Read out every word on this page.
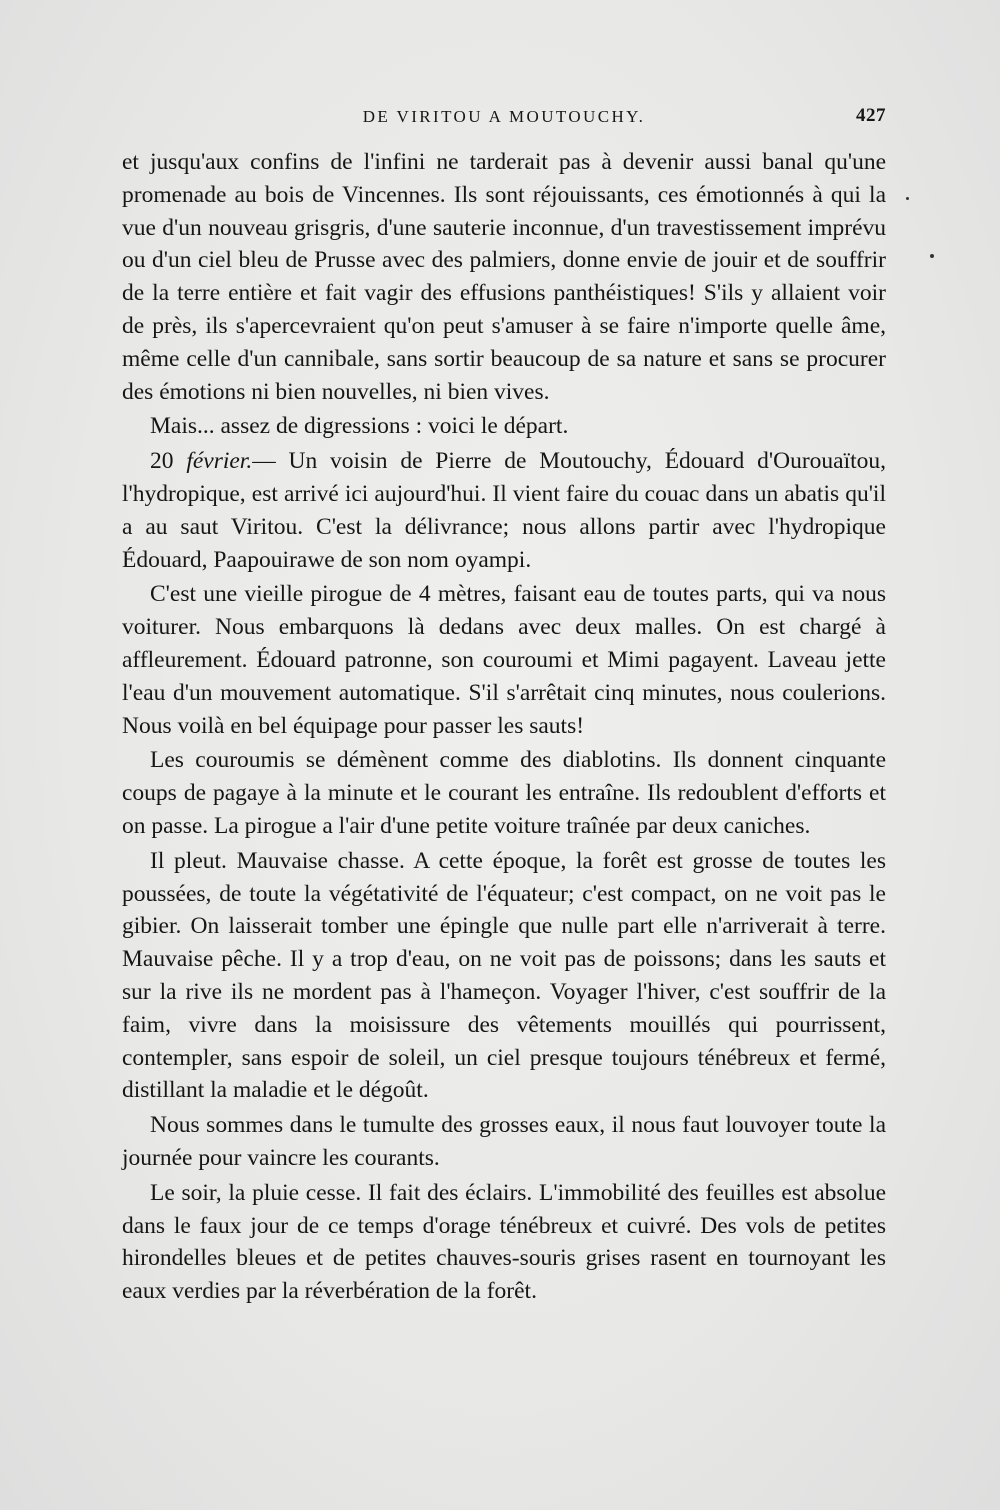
DE VIRITOU A MOUTOUCHY.	427

et jusqu'aux confins de l'infini ne tarderait pas à devenir aussi banal qu'une promenade au bois de Vincennes. Ils sont réjouissants, ces émotionnés à qui la vue d'un nouveau grisgris, d'une sauterie inconnue, d'un travestissement imprévu ou d'un ciel bleu de Prusse avec des palmiers, donne envie de jouir et de souffrir de la terre entière et fait vagir des effusions panthéistiques! S'ils y allaient voir de près, ils s'apercevraient qu'on peut s'amuser à se faire n'importe quelle âme, même celle d'un cannibale, sans sortir beaucoup de sa nature et sans se procurer des émotions ni bien nouvelles, ni bien vives.

Mais... assez de digressions : voici le départ.

20 février.— Un voisin de Pierre de Moutouchy, Édouard d'Ourouaïtou, l'hydropique, est arrivé ici aujourd'hui. Il vient faire du couac dans un abatis qu'il a au saut Viritou. C'est la délivrance; nous allons partir avec l'hydropique Édouard, Paapouirawe de son nom oyampi.

C'est une vieille pirogue de 4 mètres, faisant eau de toutes parts, qui va nous voiturer. Nous embarquons là dedans avec deux malles. On est chargé à affleurement. Édouard patronne, son couroumi et Mimi pagayent. Laveau jette l'eau d'un mouvement automatique. S'il s'arrêtait cinq minutes, nous coulerions. Nous voilà en bel équipage pour passer les sauts!

Les couroumis se démènent comme des diablotins. Ils donnent cinquante coups de pagaye à la minute et le courant les entraîne. Ils redoublent d'efforts et on passe. La pirogue a l'air d'une petite voiture traînée par deux caniches.

Il pleut. Mauvaise chasse. A cette époque, la forêt est grosse de toutes les poussées, de toute la végétativité de l'équateur; c'est compact, on ne voit pas le gibier. On laisserait tomber une épingle que nulle part elle n'arriverait à terre. Mauvaise pêche. Il y a trop d'eau, on ne voit pas de poissons; dans les sauts et sur la rive ils ne mordent pas à l'hameçon. Voyager l'hiver, c'est souffrir de la faim, vivre dans la moisissure des vêtements mouillés qui pourrissent, contempler, sans espoir de soleil, un ciel presque toujours ténébreux et fermé, distillant la maladie et le dégoût.

Nous sommes dans le tumulte des grosses eaux, il nous faut louvoyer toute la journée pour vaincre les courants.

Le soir, la pluie cesse. Il fait des éclairs. L'immobilité des feuilles est absolue dans le faux jour de ce temps d'orage ténébreux et cuivré. Des vols de petites hirondelles bleues et de petites chauves-souris grises rasent en tournoyant les eaux verdies par la réverbération de la forêt.
